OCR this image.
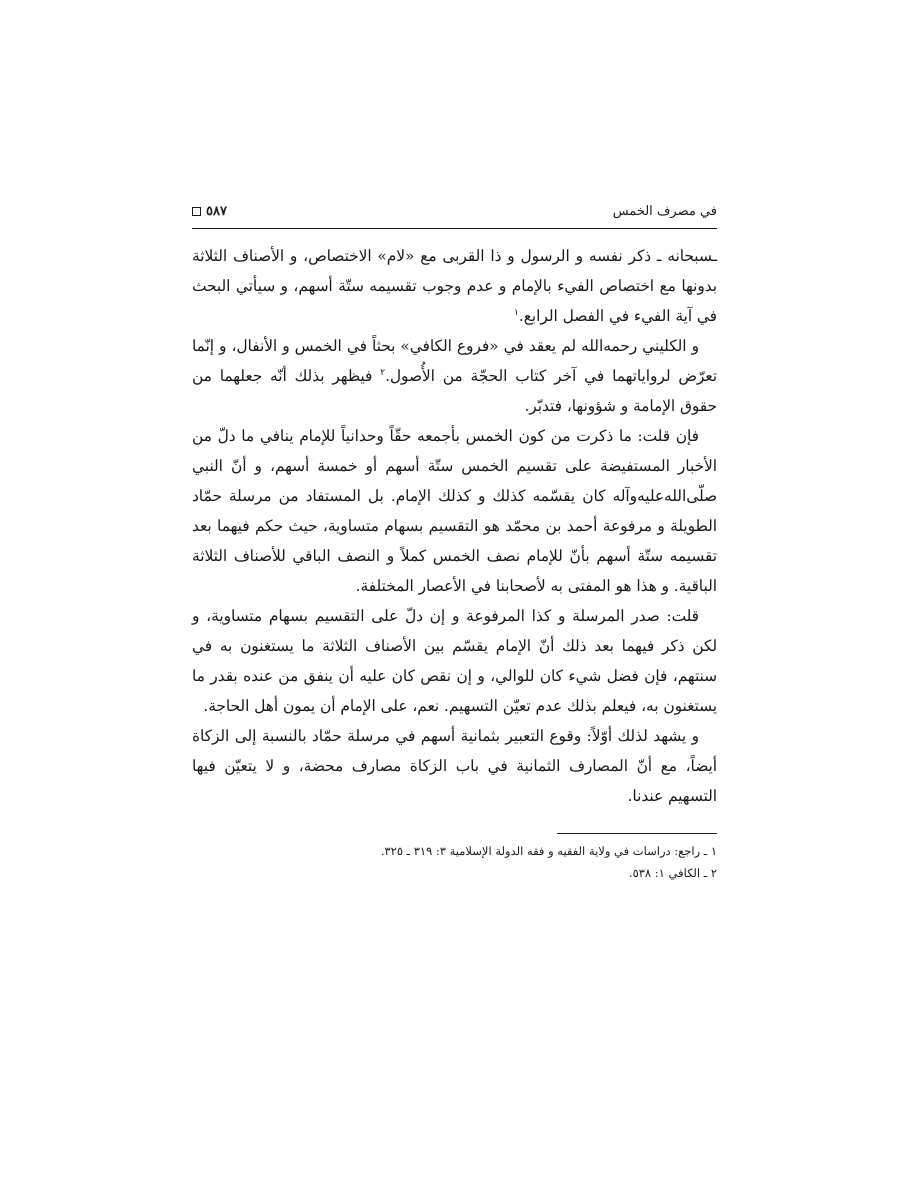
في مصرف الخمس
٥٨٧

ـسبحانه ـ ذكر نفسه و الرسول و ذا القربى مع «لام» الاختصاص، و الأصناف الثلاثة بدونها مع اختصاص الفيء بالإمام و عدم وجوب تقسيمه ستّة أسهم، و سيأتي البحث في آية الفيء في الفصل الرابع.$^١$

و الكليني رحمه‌الله لم يعقد في «فروع الكافي» بحثاً في الخمس و الأنفال، و إنّما تعرّض لرواياتهما في آخر كتاب الحجّة من الأُصول.$^٢$ فيظهر بذلك أنّه جعلهما من حقوق الإمامة و شؤونها، فتدبّر.

فإن قلت: ما ذكرت من كون الخمس بأجمعه حقّاً وحدانياً للإمام ينافي ما دلّ من الأخبار المستفيضة على تقسيم الخمس ستّة أسهم أو خمسة أسهم، و أنّ النبي صلّى‌الله‌عليه‌وآله كان يقسّمه كذلك و كذلك الإمام. بل المستفاد من مرسلة حمّاد الطويلة و مرفوعة أحمد بن محمّد هو التقسيم بسهام متساوية، حيث حكم فيهما بعد تقسيمه ستّة أسهم بأنّ للإمام نصف الخمس كملاً و النصف الباقي للأصناف الثلاثة الباقية. و هذا هو المفتى به لأصحابنا في الأعصار المختلفة.

قلت: صدر المرسلة و كذا المرفوعة و إن دلّ على التقسيم بسهام متساوية، و لكن ذكر فيهما بعد ذلك أنّ الإمام يقسّم بين الأصناف الثلاثة ما يستغنون به في سنتهم، فإن فضل شيء كان للوالي، و إن نقص كان عليه أن ينفق من عنده بقدر ما يستغنون به، فيعلم بذلك عدم تعيّن التسهيم. نعم، على الإمام أن يمون أهل الحاجة.

و يشهد لذلك أوّلاً: وقوع التعبير بثمانية أسهم في مرسلة حمّاد بالنسبة إلى الزكاة أيضاً، مع أنّ المصارف الثمانية في باب الزكاة مصارف محضة، و لا يتعيّن فيها التسهيم عندنا.

١ ـ راجع: دراسات في ولاية الفقيه و فقه الدولة الإسلامية ٣: ٣١٩ ـ ٣٢٥.
٢ ـ الكافي ١: ٥٣٨.
